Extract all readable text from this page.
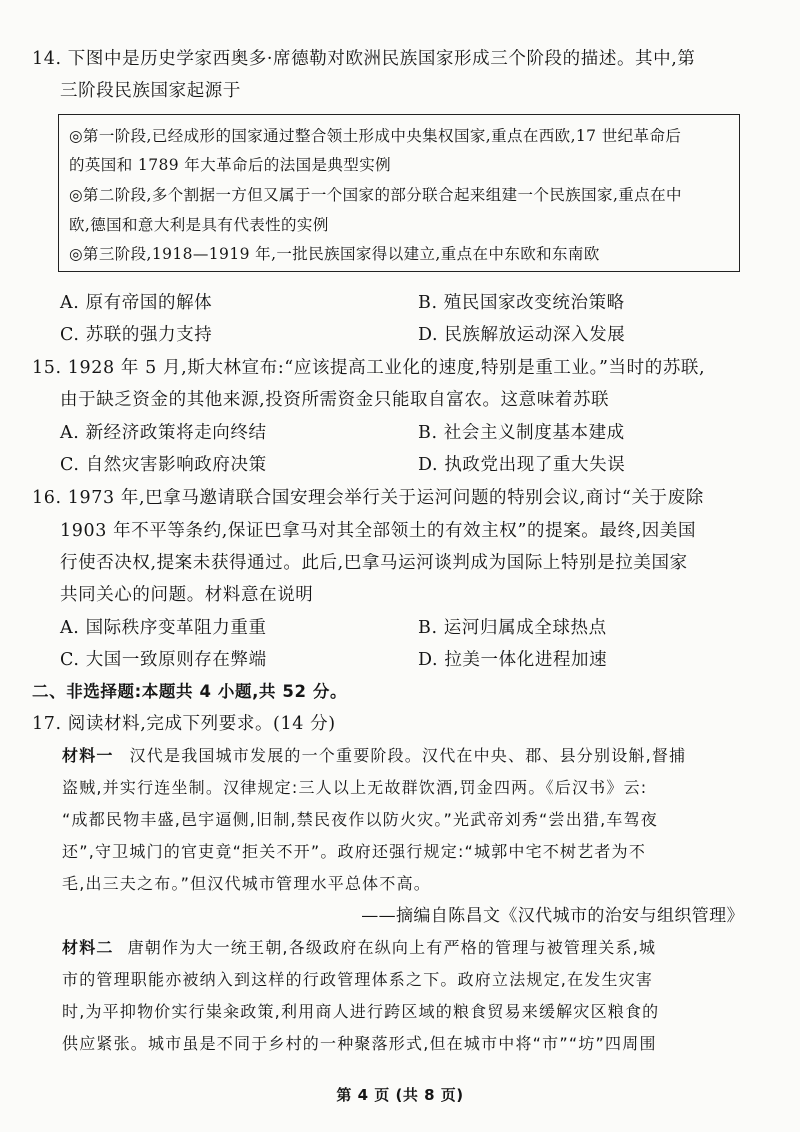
14. 下图中是历史学家西奥多·席德勒对欧洲民族国家形成三个阶段的描述。其中,第
三阶段民族国家起源于
◎第一阶段,已经成形的国家通过整合领土形成中央集权国家,重点在西欧,17 世纪革命后
的英国和 1789 年大革命后的法国是典型实例
◎第二阶段,多个割据一方但又属于一个国家的部分联合起来组建一个民族国家,重点在中
欧,德国和意大利是具有代表性的实例
◎第三阶段,1918—1919 年,一批民族国家得以建立,重点在中东欧和东南欧
A. 原有帝国的解体	B. 殖民国家改变统治策略
C. 苏联的强力支持	D. 民族解放运动深入发展
15. 1928 年 5 月,斯大林宣布:“应该提高工业化的速度,特别是重工业。”当时的苏联,
由于缺乏资金的其他来源,投资所需资金只能取自富农。这意味着苏联
A. 新经济政策将走向终结	B. 社会主义制度基本建成
C. 自然灾害影响政府决策	D. 执政党出现了重大失误
16. 1973 年,巴拿马邀请联合国安理会举行关于运河问题的特别会议,商讨“关于废除
1903 年不平等条约,保证巴拿马对其全部领土的有效主权”的提案。最终,因美国
行使否决权,提案未获得通过。此后,巴拿马运河谈判成为国际上特别是拉美国家
共同关心的问题。材料意在说明
A. 国际秩序变革阻力重重	B. 运河归属成全球热点
C. 大国一致原则存在弊端	D. 拉美一体化进程加速
二、非选择题:本题共 4 小题,共 52 分。
17. 阅读材料,完成下列要求。(14 分)
材料一 汉代是我国城市发展的一个重要阶段。汉代在中央、郡、县分别设斛,督捕
盗贼,并实行连坐制。汉律规定:三人以上无故群饮酒,罚金四两。《后汉书》云:
“成都民物丰盛,邑宇逼侧,旧制,禁民夜作以防火灾。”光武帝刘秀“尝出猎,车驾夜
还”,守卫城门的官吏竟“拒关不开”。政府还强行规定:“城郭中宅不树艺者为不
毛,出三夫之布。”但汉代城市管理水平总体不高。
——摘编自陈昌文《汉代城市的治安与组织管理》
材料二 唐朝作为大一统王朝,各级政府在纵向上有严格的管理与被管理关系,城
市的管理职能亦被纳入到这样的行政管理体系之下。政府立法规定,在发生灾害
时,为平抑物价实行粜籴政策,利用商人进行跨区域的粮食贸易来缓解灾区粮食的
供应紧张。城市虽是不同于乡村的一种聚落形式,但在城市中将“市”“坊”四周围
第 4 页 (共 8 页)
